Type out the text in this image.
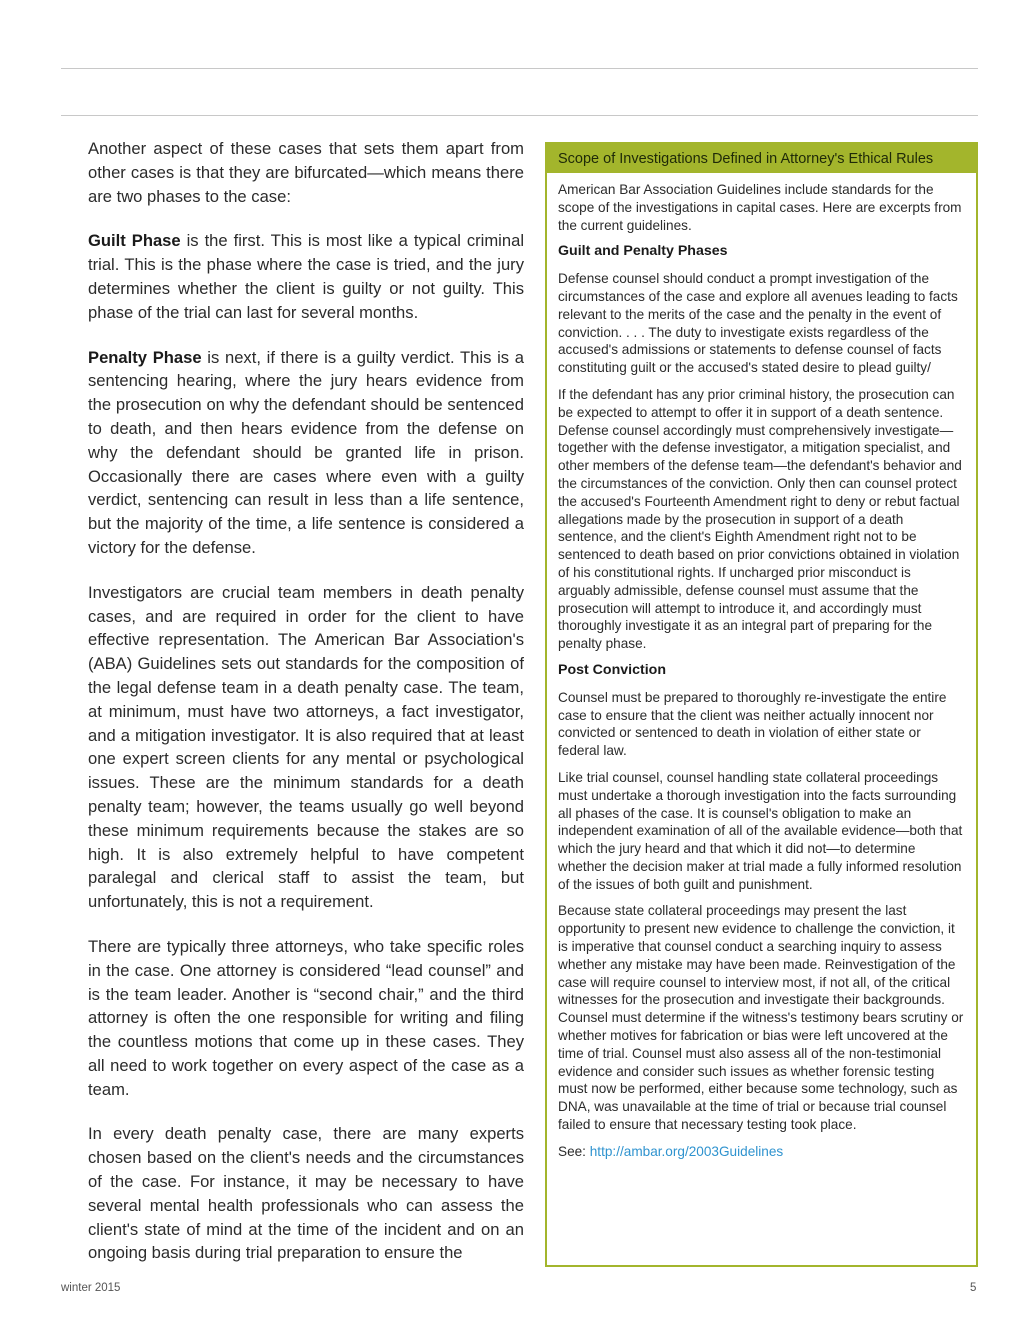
Another aspect of these cases that sets them apart from other cases is that they are bifurcated—which means there are two phases to the case:

Guilt Phase is the first. This is most like a typical criminal trial. This is the phase where the case is tried, and the jury determines whether the client is guilty or not guilty. This phase of the trial can last for several months.

Penalty Phase is next, if there is a guilty verdict. This is a sentencing hearing, where the jury hears evidence from the prosecution on why the defendant should be sentenced to death, and then hears evidence from the defense on why the defendant should be granted life in prison. Occasionally there are cases where even with a guilty verdict, sentencing can result in less than a life sentence, but the majority of the time, a life sentence is considered a victory for the defense.

Investigators are crucial team members in death penalty cases, and are required in order for the client to have effective representation. The American Bar Association's (ABA) Guidelines sets out standards for the composition of the legal defense team in a death penalty case. The team, at minimum, must have two attorneys, a fact investigator, and a mitigation investigator. It is also required that at least one expert screen clients for any mental or psychological issues. These are the minimum standards for a death penalty team; however, the teams usually go well beyond these minimum requirements because the stakes are so high. It is also extremely helpful to have competent paralegal and clerical staff to assist the team, but unfortunately, this is not a requirement.

There are typically three attorneys, who take specific roles in the case. One attorney is considered “lead counsel” and is the team leader. Another is “second chair,” and the third attorney is often the one responsible for writing and filing the countless motions that come up in these cases. They all need to work together on every aspect of the case as a team.

In every death penalty case, there are many experts chosen based on the client's needs and the circumstances of the case. For instance, it may be necessary to have several mental health professionals who can assess the client's state of mind at the time of the incident and on an ongoing basis during trial preparation to ensure the

Scope of Investigations Defined in Attorney's Ethical Rules

American Bar Association Guidelines include standards for the scope of the investigations in capital cases. Here are excerpts from the current guidelines.

Guilt and Penalty Phases

Defense counsel should conduct a prompt investigation of the circumstances of the case and explore all avenues leading to facts relevant to the merits of the case and the penalty in the event of conviction. . . . The duty to investigate exists regardless of the accused's admissions or statements to defense counsel of facts constituting guilt or the accused's stated desire to plead guilty/

If the defendant has any prior criminal history, the prosecution can be expected to attempt to offer it in support of a death sentence. Defense counsel accordingly must comprehensively investigate—together with the defense investigator, a mitigation specialist, and other members of the defense team—the defendant's behavior and the circumstances of the conviction. Only then can counsel protect the accused's Fourteenth Amendment right to deny or rebut factual allegations made by the prosecution in support of a death sentence, and the client's Eighth Amendment right not to be sentenced to death based on prior convictions obtained in violation of his constitutional rights. If uncharged prior misconduct is arguably admissible, defense counsel must assume that the prosecution will attempt to introduce it, and accordingly must thoroughly investigate it as an integral part of preparing for the penalty phase.

Post Conviction

Counsel must be prepared to thoroughly re-investigate the entire case to ensure that the client was neither actually innocent nor convicted or sentenced to death in violation of either state or federal law.

Like trial counsel, counsel handling state collateral proceedings must undertake a thorough investigation into the facts surrounding all phases of the case. It is counsel's obligation to make an independent examination of all of the available evidence—both that which the jury heard and that which it did not—to determine whether the decision maker at trial made a fully informed resolution of the issues of both guilt and punishment.

Because state collateral proceedings may present the last opportunity to present new evidence to challenge the conviction, it is imperative that counsel conduct a searching inquiry to assess whether any mistake may have been made. Reinvestigation of the case will require counsel to interview most, if not all, of the critical witnesses for the prosecution and investigate their backgrounds. Counsel must determine if the witness's testimony bears scrutiny or whether motives for fabrication or bias were left uncovered at the time of trial. Counsel must also assess all of the non-testimonial evidence and consider such issues as whether forensic testing must now be performed, either because some technology, such as DNA, was unavailable at the time of trial or because trial counsel failed to ensure that necessary testing took place.

See: http://ambar.org/2003Guidelines

winter 2015	5
